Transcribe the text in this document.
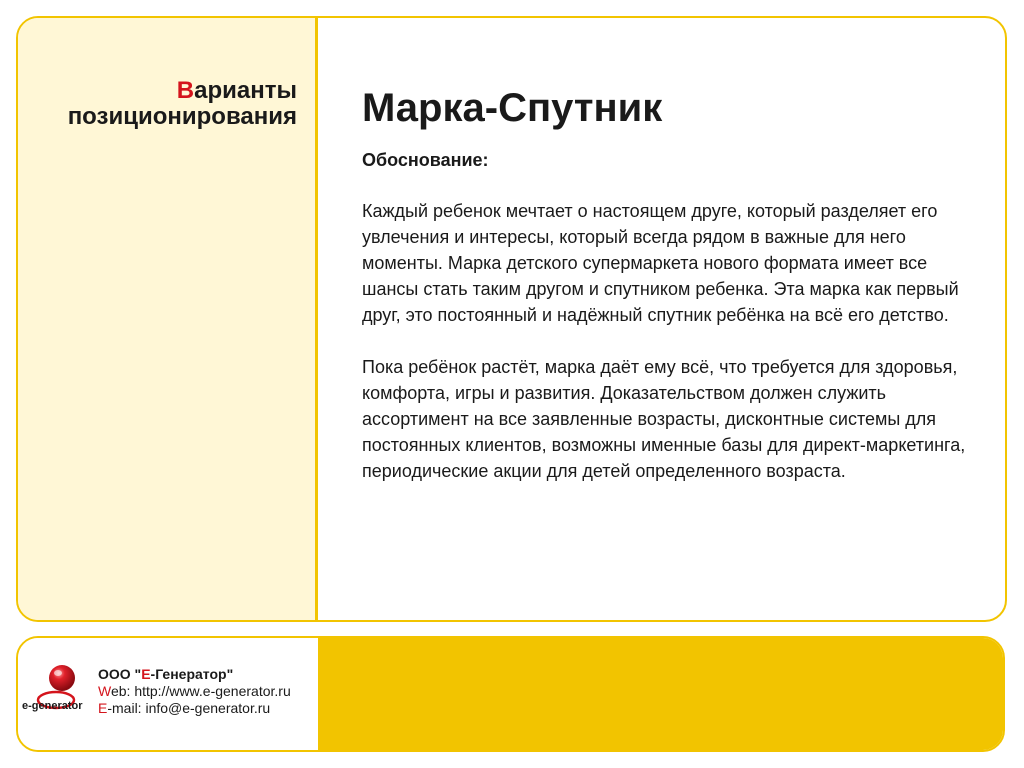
Варианты
позиционирования Марка-Спутник
Обоснование:

Каждый ребенок мечтает о настоящем друге, который разделяет его увлечения и интересы, который всегда рядом в важные для него моменты. Марка детского супермаркета нового формата имеет все шансы стать таким другом и спутником ребенка. Эта марка как первый друг, это постоянный и надёжный спутник ребёнка на всё его детство.

Пока ребёнок растёт, марка даёт ему всё, что требуется для здоровья, комфорта, игры и развития. Доказательством должен служить ассортимент на все заявленные возрасты, дисконтные системы для постоянных клиентов, возможны именные базы для директ-маркетинга, периодические акции для детей определенного возраста.

e-generator
ООО "Е-Генератор"
Web: http://www.e-generator.ru
E-mail: info@e-generator.ru
